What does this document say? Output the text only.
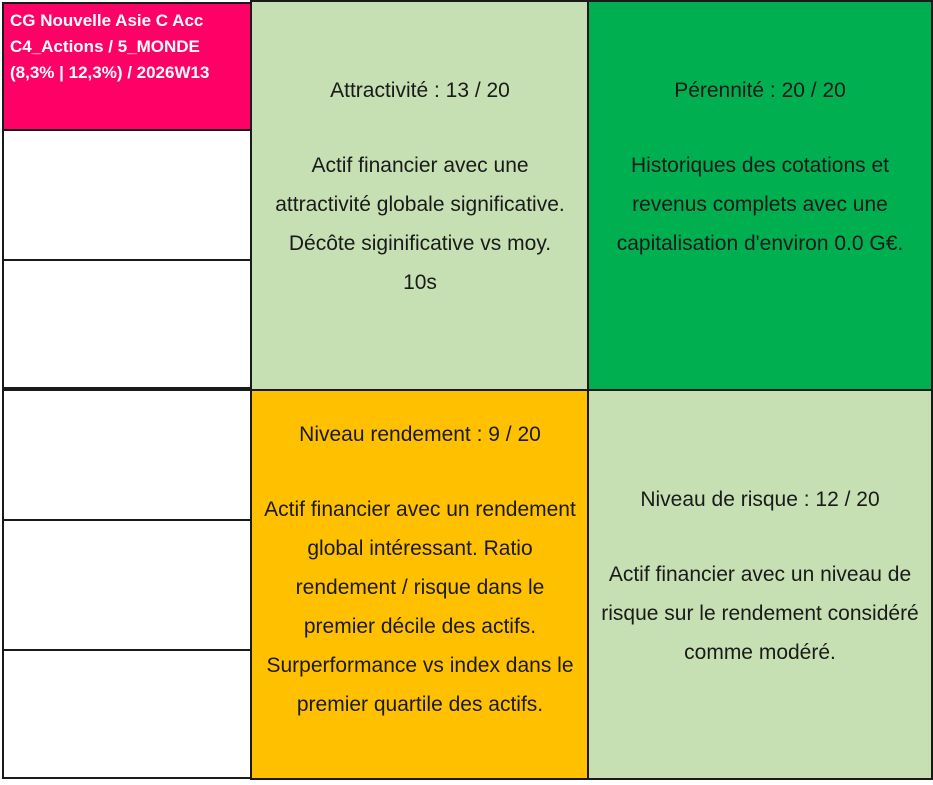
CG Nouvelle Asie C Acc
C4_Actions / 5_MONDE
(8,3% | 12,3%) / 2026W13
Attractivité : 13 / 20
Actif financier avec une attractivité globale significative. Décôte siginificative vs moy. 10s
Pérennité : 20 / 20
Historiques des cotations et revenus complets avec une capitalisation d'environ 0.0 G€.
Niveau rendement : 9 / 20
Actif financier avec un rendement global intéressant. Ratio rendement / risque dans le premier décile des actifs. Surperformance vs index dans le premier quartile des actifs.
Niveau de risque : 12 / 20
Actif financier avec un niveau de risque sur le rendement considéré comme modéré.
